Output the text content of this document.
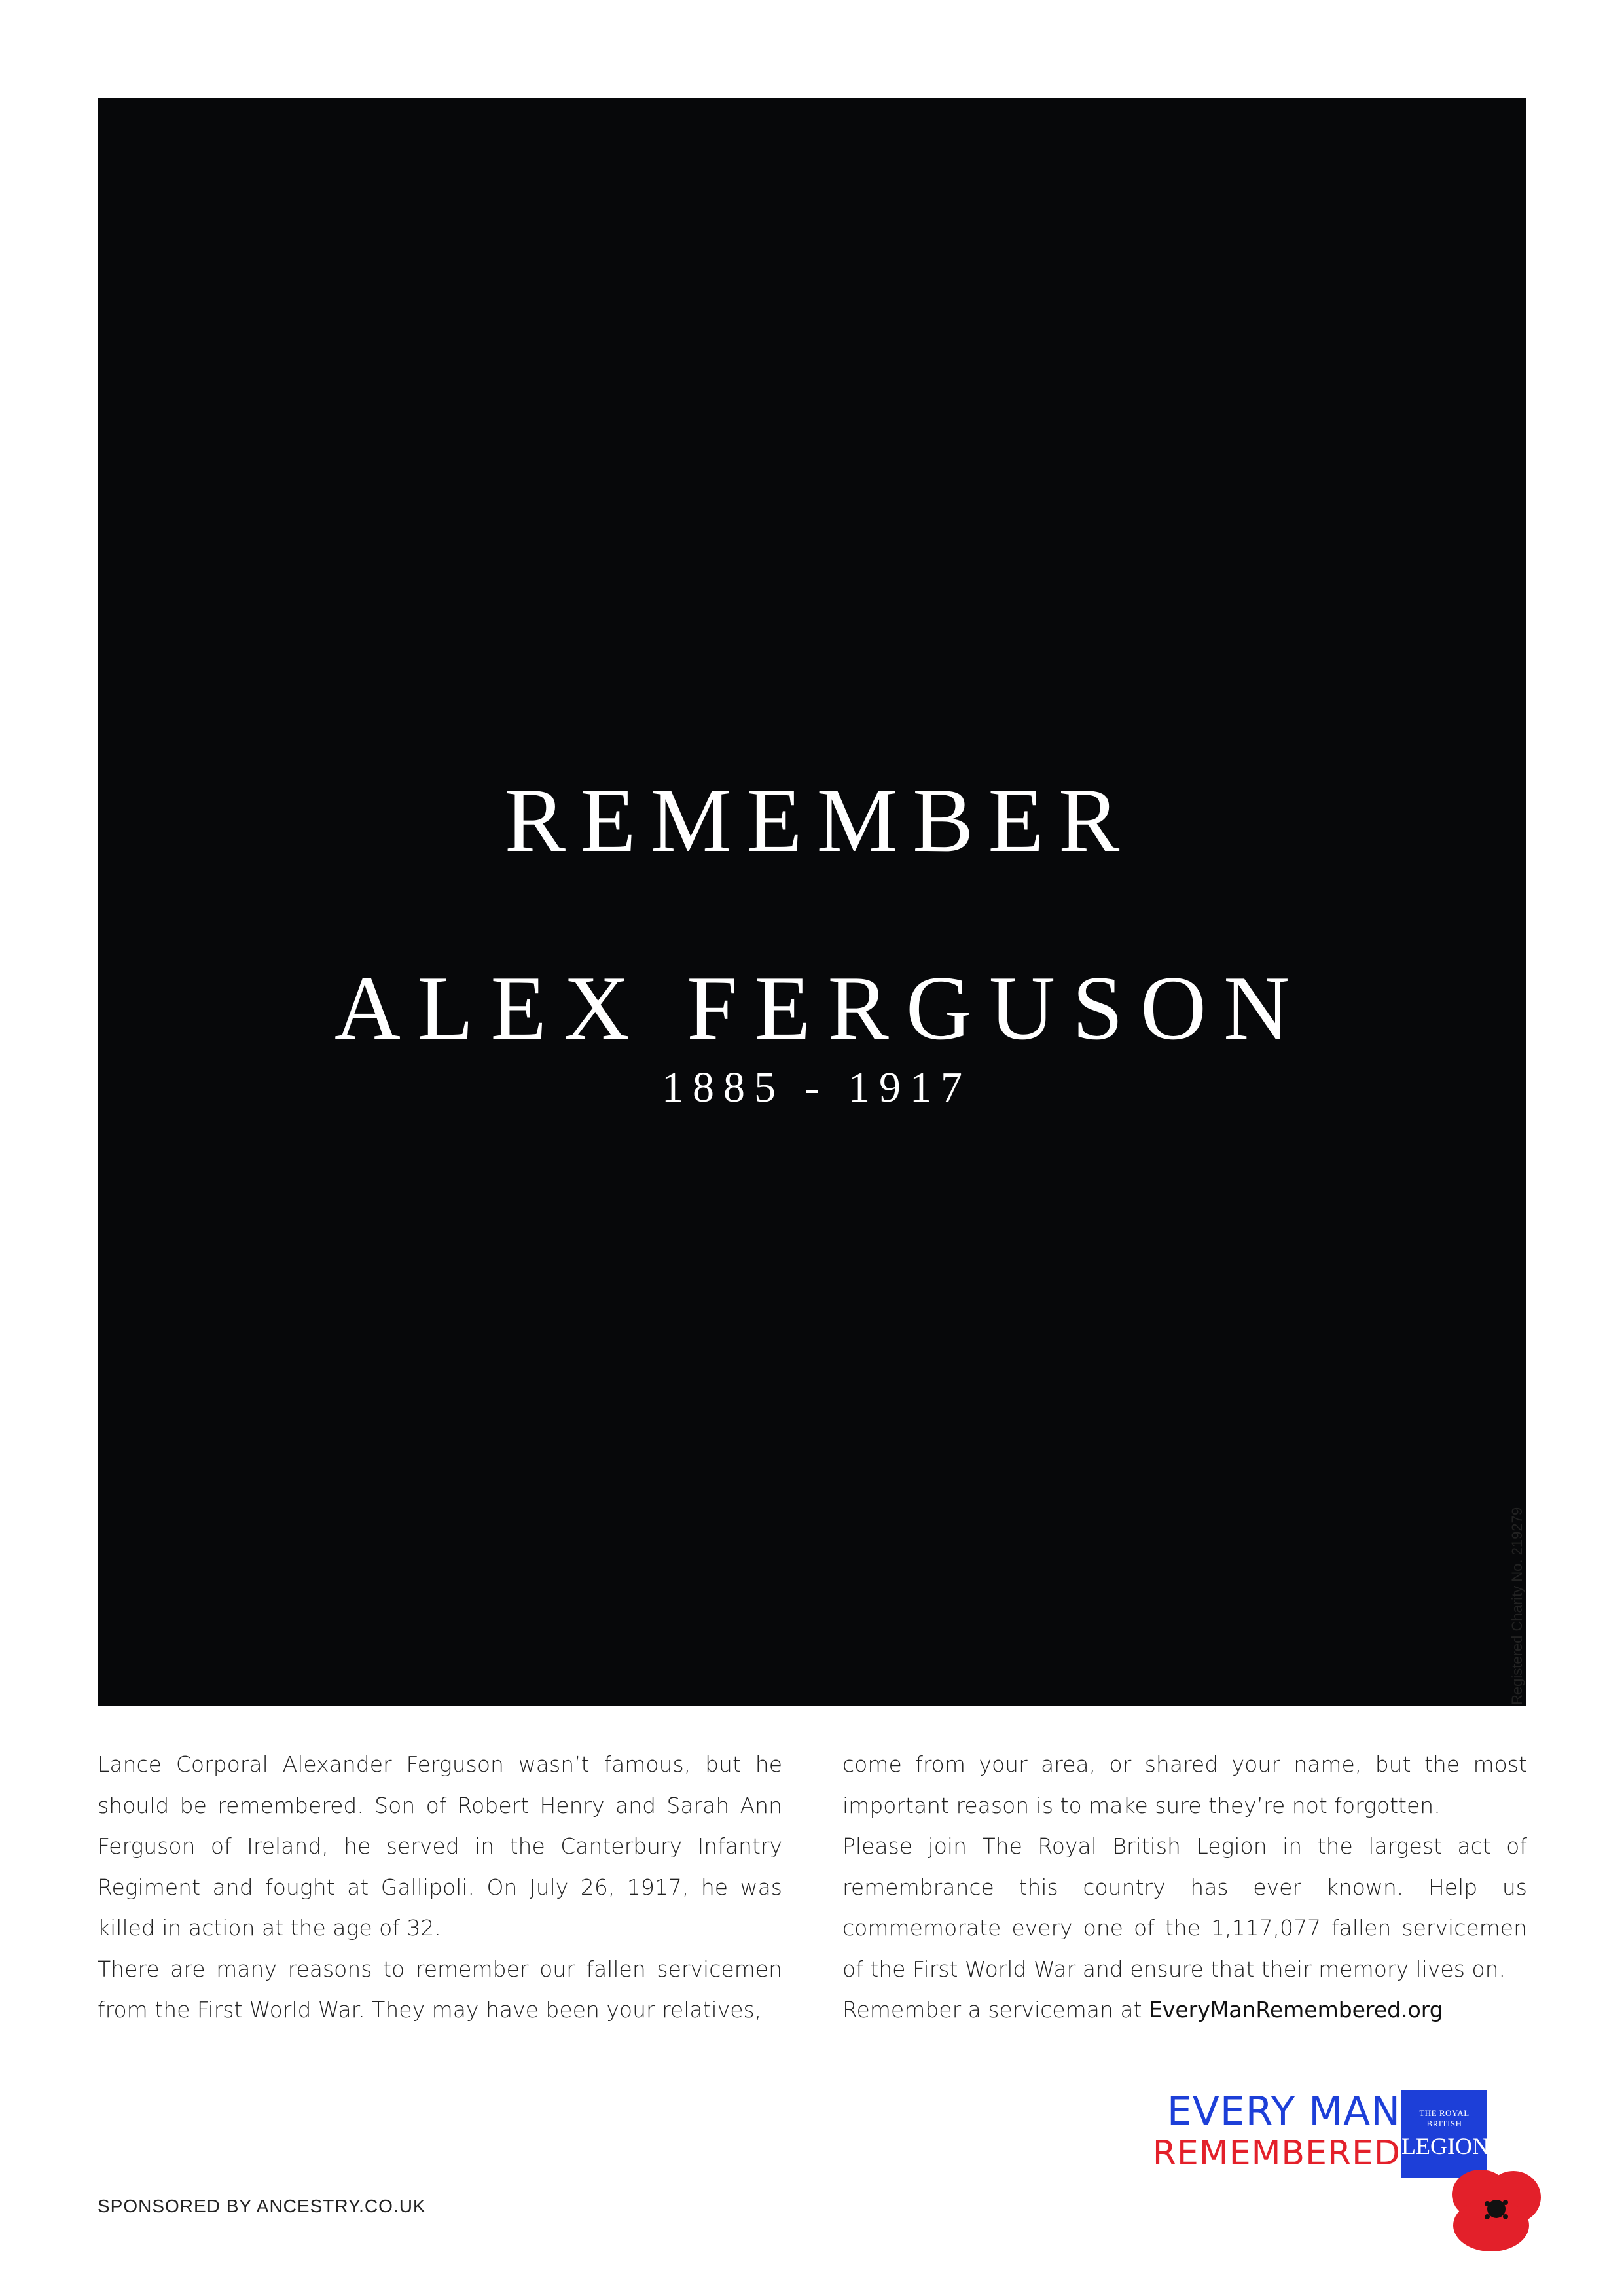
REMEMBER
ALEX FERGUSON
1885 - 1917
Registered Charity No. 219279

Lance Corporal Alexander Ferguson wasn’t famous, but he should be remembered. Son of Robert Henry and Sarah Ann Ferguson of Ireland, he served in the Canterbury Infantry Regiment and fought at Gallipoli. On July 26, 1917, he was killed in action at the age of 32.

There are many reasons to remember our fallen servicemen from the First World War. They may have been your relatives,

come from your area, or shared your name, but the most important reason is to make sure they’re not forgotten.

Please join The Royal British Legion in the largest act of remembrance this country has ever known. Help us commemorate every one of the 1,117,077 fallen servicemen of the First World War and ensure that their memory lives on.

Remember a serviceman at EveryManRemembered.org

SPONSORED BY ANCESTRY.CO.UK
EVERY MAN
REMEMBERED
THE ROYAL BRITISH
LEGION
